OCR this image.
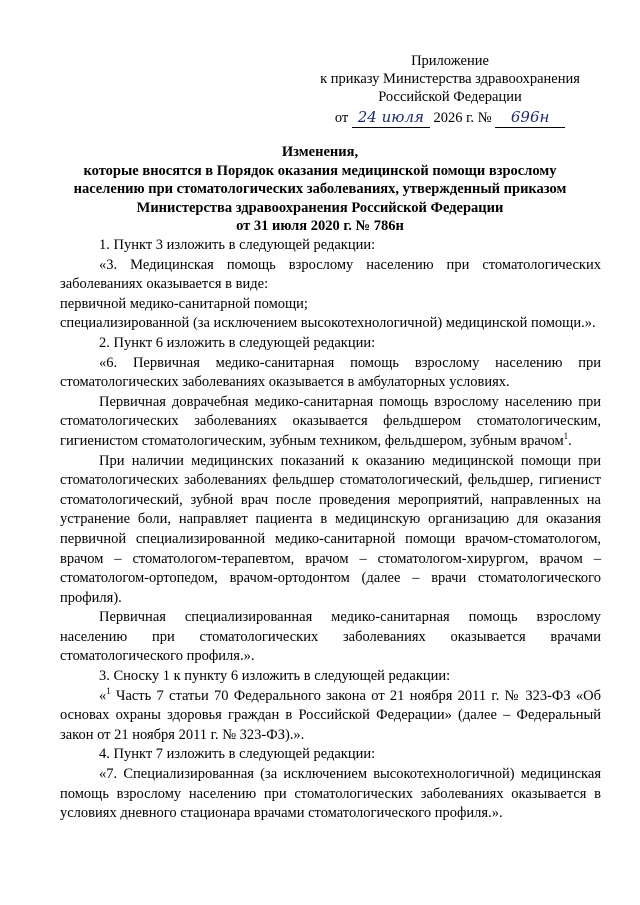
Приложение
к приказу Министерства здравоохранения
Российской Федерации
от 24 июля 2026 г. № 696н
Изменения,
которые вносятся в Порядок оказания медицинской помощи взрослому
населению при стоматологических заболеваниях, утвержденный приказом
Министерства здравоохранения Российской Федерации
от 31 июля 2020 г. № 786н

1. Пункт 3 изложить в следующей редакции:

«3. Медицинская помощь взрослому населению при стоматологических заболеваниях оказывается в виде:

первичной медико-санитарной помощи;

специализированной (за исключением высокотехнологичной) медицинской помощи.».

2. Пункт 6 изложить в следующей редакции:

«6. Первичная медико-санитарная помощь взрослому населению при стоматологических заболеваниях оказывается в амбулаторных условиях.

Первичная доврачебная медико-санитарная помощь взрослому населению при стоматологических заболеваниях оказывается фельдшером стоматологическим, гигиенистом стоматологическим, зубным техником, фельдшером, зубным врачом$^1$.

При наличии медицинских показаний к оказанию медицинской помощи при стоматологических заболеваниях фельдшер стоматологический, фельдшер, гигиенист стоматологический, зубной врач после проведения мероприятий, направленных на устранение боли, направляет пациента в медицинскую организацию для оказания первичной специализированной медико-санитарной помощи врачом-стоматологом, врачом – стоматологом-терапевтом, врачом – стоматологом-хирургом, врачом – стоматологом-ортопедом, врачом-ортодонтом (далее – врачи стоматологического профиля).

Первичная специализированная медико-санитарная помощь взрослому населению при стоматологических заболеваниях оказывается врачами стоматологического профиля.».

3. Сноску 1 к пункту 6 изложить в следующей редакции:

«$^1$ Часть 7 статьи 70 Федерального закона от 21 ноября 2011 г. № 323-ФЗ «Об основах охраны здоровья граждан в Российской Федерации» (далее – Федеральный закон от 21 ноября 2011 г. № 323-ФЗ).».

4. Пункт 7 изложить в следующей редакции:

«7. Специализированная (за исключением высокотехнологичной) медицинская помощь взрослому населению при стоматологических заболеваниях оказывается в условиях дневного стационара врачами стоматологического профиля.».
